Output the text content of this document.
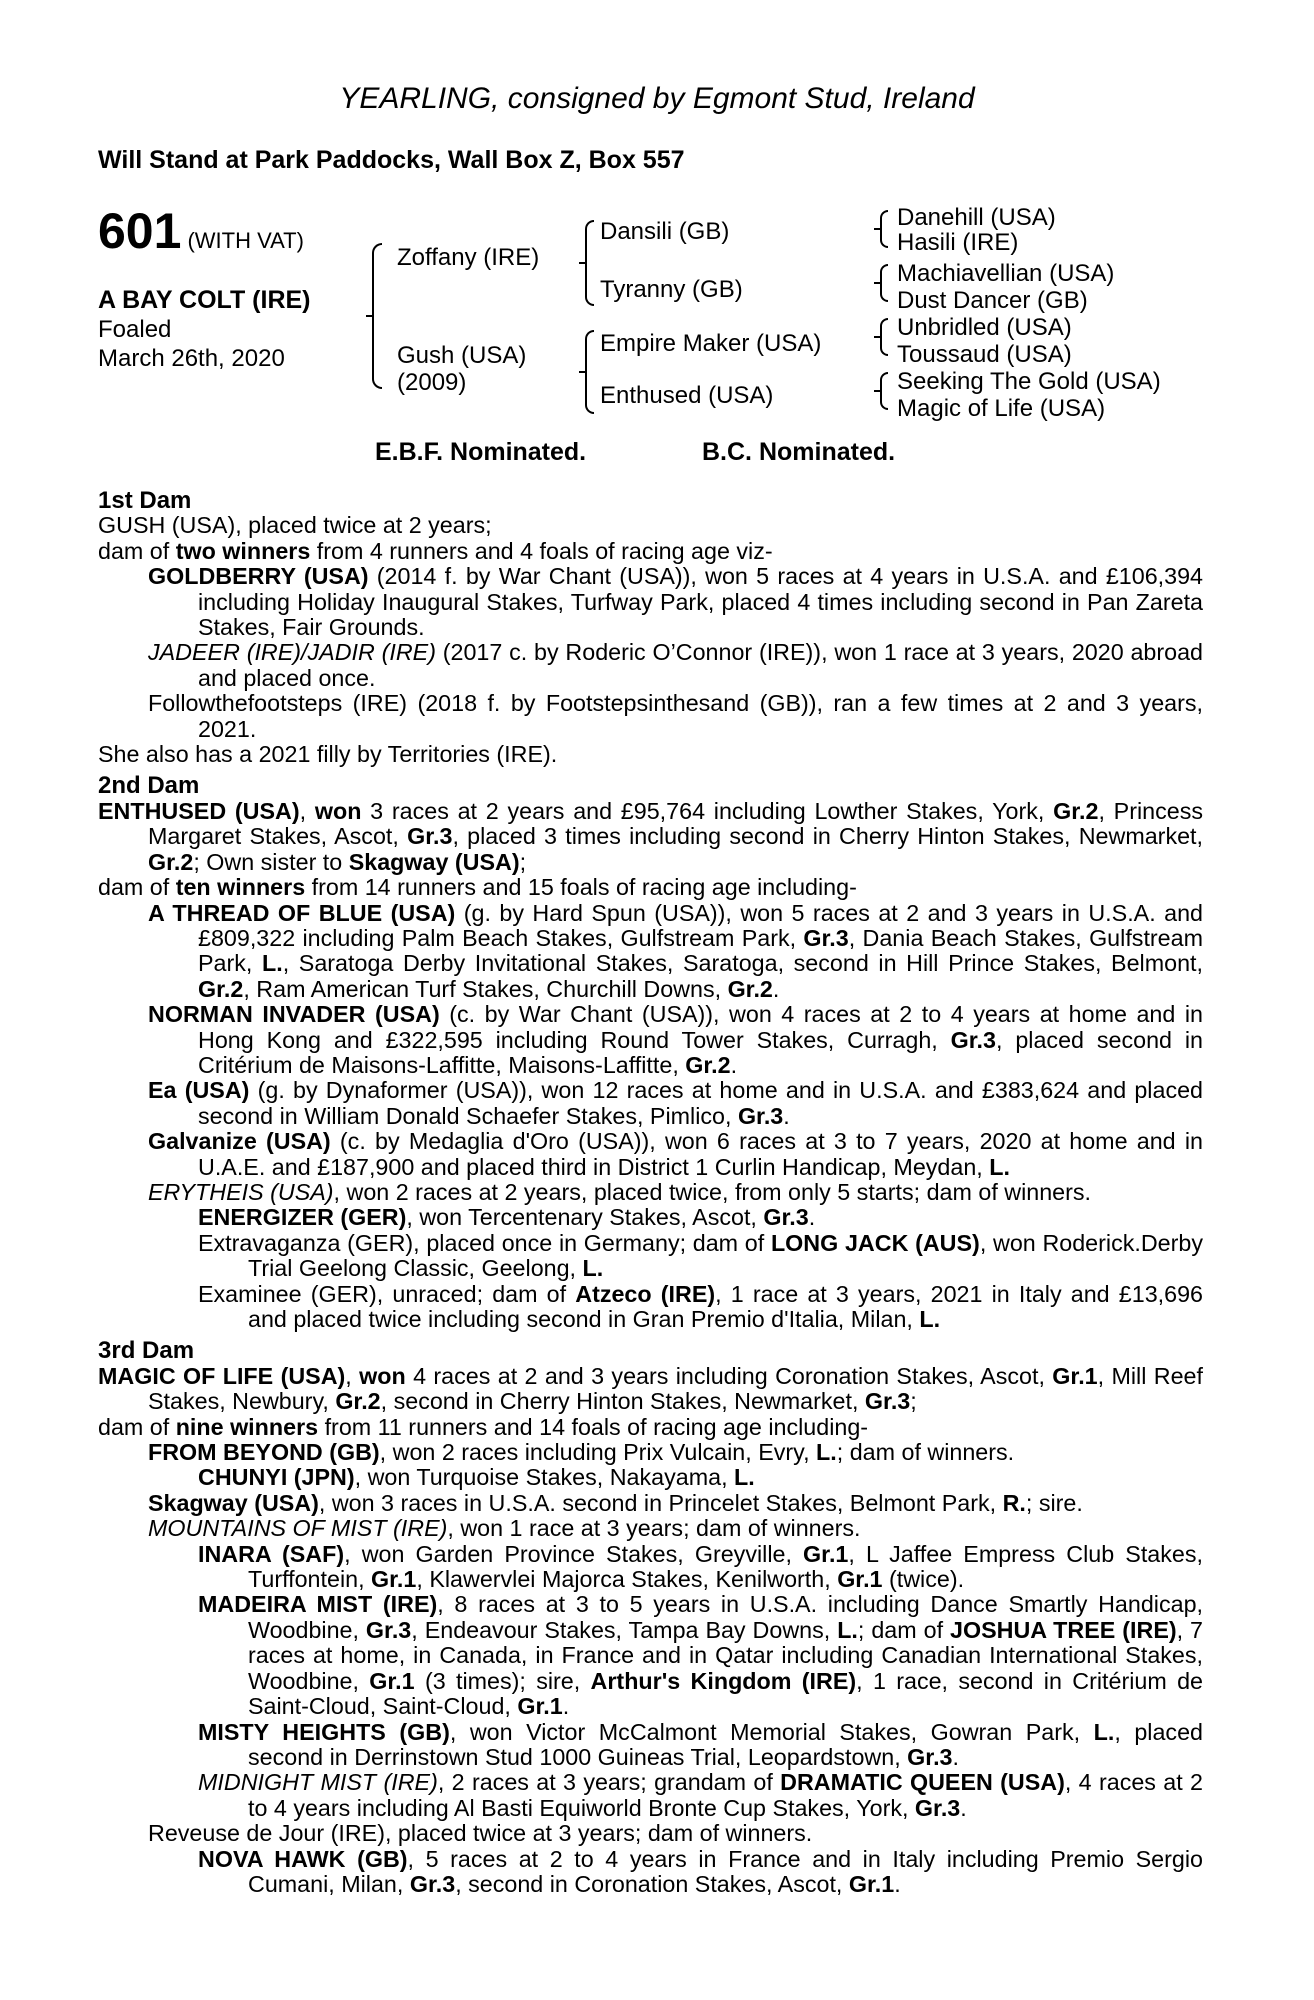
YEARLING, consigned by Egmont Stud, Ireland
Will Stand at Park Paddocks, Wall Box Z, Box 557
601 (WITH VAT)
A BAY COLT (IRE)
Foaled
March 26th, 2020
Zoffany (IRE)
Gush (USA)
(2009)
Dansili (GB)
Tyranny (GB)
Empire Maker (USA)
Enthused (USA)
Danehill (USA)
Hasili (IRE)
Machiavellian (USA)
Dust Dancer (GB)
Unbridled (USA)
Toussaud (USA)
Seeking The Gold (USA)
Magic of Life (USA)
E.B.F. Nominated.	B.C. Nominated.
1st Dam
GUSH (USA), placed twice at 2 years;
dam of two winners from 4 runners and 4 foals of racing age viz-
GOLDBERRY (USA) (2014 f. by War Chant (USA)), won 5 races at 4 years in U.S.A. and £106,394 including Holiday Inaugural Stakes, Turfway Park, placed 4 times including second in Pan Zareta Stakes, Fair Grounds.
JADEER (IRE)/JADIR (IRE) (2017 c. by Roderic O’Connor (IRE)), won 1 race at 3 years, 2020 abroad and placed once.
Followthefootsteps (IRE) (2018 f. by Footstepsinthesand (GB)), ran a few times at 2 and 3 years, 2021.
She also has a 2021 filly by Territories (IRE).
2nd Dam
ENTHUSED (USA), won 3 races at 2 years and £95,764 including Lowther Stakes, York, Gr.2, Princess Margaret Stakes, Ascot, Gr.3, placed 3 times including second in Cherry Hinton Stakes, Newmarket, Gr.2; Own sister to Skagway (USA);
dam of ten winners from 14 runners and 15 foals of racing age including-
A THREAD OF BLUE (USA) (g. by Hard Spun (USA)), won 5 races at 2 and 3 years in U.S.A. and £809,322 including Palm Beach Stakes, Gulfstream Park, Gr.3, Dania Beach Stakes, Gulfstream Park, L., Saratoga Derby Invitational Stakes, Saratoga, second in Hill Prince Stakes, Belmont, Gr.2, Ram American Turf Stakes, Churchill Downs, Gr.2.
NORMAN INVADER (USA) (c. by War Chant (USA)), won 4 races at 2 to 4 years at home and in Hong Kong and £322,595 including Round Tower Stakes, Curragh, Gr.3, placed second in Critérium de Maisons-Laffitte, Maisons-Laffitte, Gr.2.
Ea (USA) (g. by Dynaformer (USA)), won 12 races at home and in U.S.A. and £383,624 and placed second in William Donald Schaefer Stakes, Pimlico, Gr.3.
Galvanize (USA) (c. by Medaglia d'Oro (USA)), won 6 races at 3 to 7 years, 2020 at home and in U.A.E. and £187,900 and placed third in District 1 Curlin Handicap, Meydan, L.
ERYTHEIS (USA), won 2 races at 2 years, placed twice, from only 5 starts; dam of winners.
ENERGIZER (GER), won Tercentenary Stakes, Ascot, Gr.3.
Extravaganza (GER), placed once in Germany; dam of LONG JACK (AUS), won Roderick.Derby Trial Geelong Classic, Geelong, L.
Examinee (GER), unraced; dam of Atzeco (IRE), 1 race at 3 years, 2021 in Italy and £13,696 and placed twice including second in Gran Premio d'Italia, Milan, L.
3rd Dam
MAGIC OF LIFE (USA), won 4 races at 2 and 3 years including Coronation Stakes, Ascot, Gr.1, Mill Reef Stakes, Newbury, Gr.2, second in Cherry Hinton Stakes, Newmarket, Gr.3;
dam of nine winners from 11 runners and 14 foals of racing age including-
FROM BEYOND (GB), won 2 races including Prix Vulcain, Evry, L.; dam of winners.
CHUNYI (JPN), won Turquoise Stakes, Nakayama, L.
Skagway (USA), won 3 races in U.S.A. second in Princelet Stakes, Belmont Park, R.; sire.
MOUNTAINS OF MIST (IRE), won 1 race at 3 years; dam of winners.
INARA (SAF), won Garden Province Stakes, Greyville, Gr.1, L Jaffee Empress Club Stakes, Turffontein, Gr.1, Klawervlei Majorca Stakes, Kenilworth, Gr.1 (twice).
MADEIRA MIST (IRE), 8 races at 3 to 5 years in U.S.A. including Dance Smartly Handicap, Woodbine, Gr.3, Endeavour Stakes, Tampa Bay Downs, L.; dam of JOSHUA TREE (IRE), 7 races at home, in Canada, in France and in Qatar including Canadian International Stakes, Woodbine, Gr.1 (3 times); sire, Arthur's Kingdom (IRE), 1 race, second in Critérium de Saint-Cloud, Saint-Cloud, Gr.1.
MISTY HEIGHTS (GB), won Victor McCalmont Memorial Stakes, Gowran Park, L., placed second in Derrinstown Stud 1000 Guineas Trial, Leopardstown, Gr.3.
MIDNIGHT MIST (IRE), 2 races at 3 years; grandam of DRAMATIC QUEEN (USA), 4 races at 2 to 4 years including Al Basti Equiworld Bronte Cup Stakes, York, Gr.3.
Reveuse de Jour (IRE), placed twice at 3 years; dam of winners.
NOVA HAWK (GB), 5 races at 2 to 4 years in France and in Italy including Premio Sergio Cumani, Milan, Gr.3, second in Coronation Stakes, Ascot, Gr.1.
